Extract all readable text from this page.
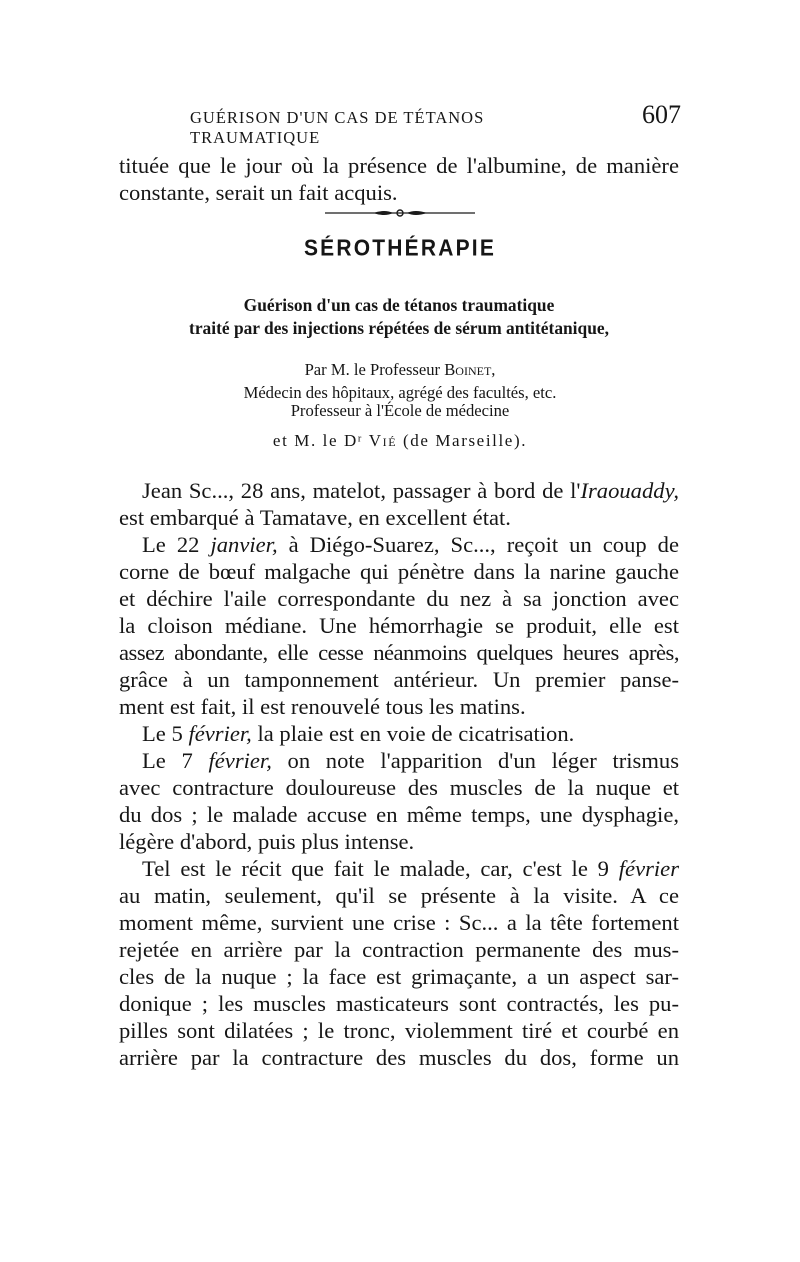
GUÉRISON D'UN CAS DE TÉTANOS TRAUMATIQUE
607
tituée que le jour où la présence de l'albumine, de manière
constante, serait un fait acquis.
SÉROTHÉRAPIE
Guérison d'un cas de tétanos traumatique
traité par des injections répétées de sérum antitétanique,
Par M. le Professeur Boinet,
Médecin des hôpitaux, agrégé des facultés, etc.
Professeur à l'École de médecine
et M. le $D^r$ Vié (de Marseille).
Jean Sc..., 28 ans, matelot, passager à bord de l'Iraouaddy,
est embarqué à Tamatave, en excellent état.
Le 22 janvier, à Diégo-Suarez, Sc..., reçoit un coup de
corne de bœuf malgache qui pénètre dans la narine gauche
et déchire l'aile correspondante du nez à sa jonction avec
la cloison médiane. Une hémorrhagie se produit, elle est
assez abondante, elle cesse néanmoins quelques heures après,
grâce à un tamponnement antérieur. Un premier panse-
ment est fait, il est renouvelé tous les matins.
Le 5 février, la plaie est en voie de cicatrisation.
Le 7 février, on note l'apparition d'un léger trismus
avec contracture douloureuse des muscles de la nuque et
du dos ; le malade accuse en même temps, une dysphagie,
légère d'abord, puis plus intense.
Tel est le récit que fait le malade, car, c'est le 9 février
au matin, seulement, qu'il se présente à la visite. A ce
moment même, survient une crise : Sc... a la tête fortement
rejetée en arrière par la contraction permanente des mus-
cles de la nuque ; la face est grimaçante, a un aspect sar-
donique ; les muscles masticateurs sont contractés, les pu-
pilles sont dilatées ; le tronc, violemment tiré et courbé en
arrière par la contracture des muscles du dos, forme un
